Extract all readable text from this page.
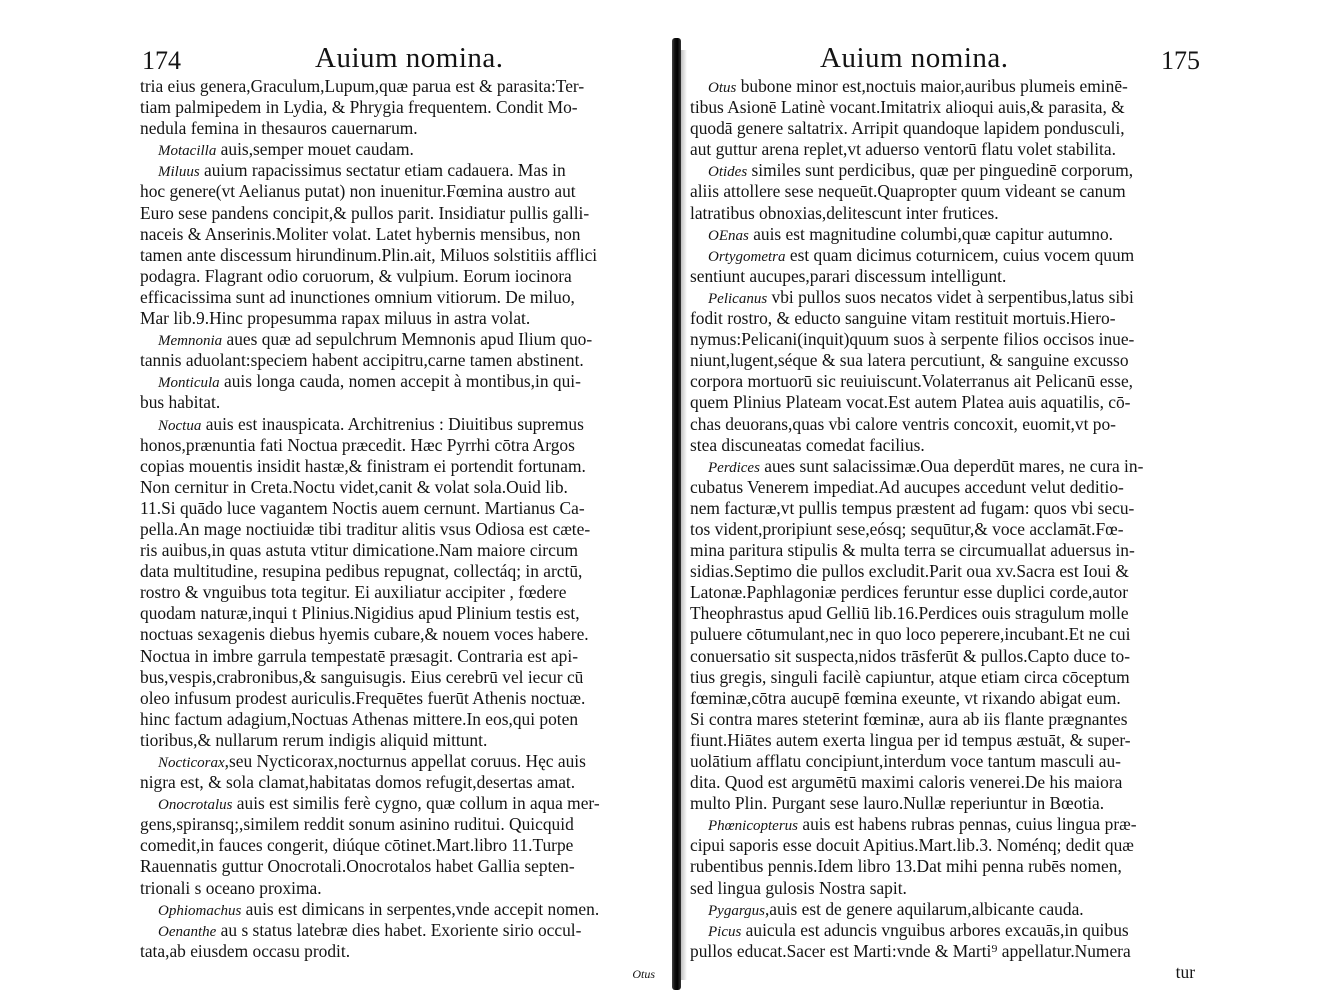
174	Auium nomina.
tria eius genera,Graculum,Lupum,quæ parua est & parasita:Ter-
tiam palmipedem in Lydia, & Phrygia frequentem. Condit Mo-
nedula femina in thesauros cauernarum.
Motacilla auis,semper mouet caudam.
Miluus auium rapacissimus sectatur etiam cadauera. Mas in
hoc genere(vt Aelianus putat) non inuenitur.Fœmina austro aut
Euro sese pandens concipit,& pullos parit. Insidiatur pullis galli-
naceis & Anserinis.Moliter volat. Latet hybernis mensibus, non
tamen ante discessum hirundinum.Plin.ait, Miluos solstitiis afflici
podagra. Flagrant odio coruorum, & vulpium. Eorum iocinora
efficacissima sunt ad inunctiones omnium vitiorum. De miluo,
Mar lib.9.Hinc propesumma rapax miluus in astra volat.
Memnonia aues quæ ad sepulchrum Memnonis apud Ilium quo-
tannis aduolant:speciem habent accipitru,carne tamen abstinent.
Monticula auis longa cauda, nomen accepit à montibus,in qui-
bus habitat.
Noctua auis est inauspicata. Architrenius : Diuitibus supremus
honos,prænuntia fati Noctua præcedit. Hæc Pyrrhi cōtra Argos
copias mouentis insidit hastæ,& finistram ei portendit fortunam.
Non cernitur in Creta.Noctu videt,canit & volat sola.Ouid lib.
11.Si quādo luce vagantem Noctis auem cernunt. Martianus Ca-
pella.An mage noctiuidæ tibi traditur alitis vsus Odiosa est cæte-
ris auibus,in quas astuta vtitur dimicatione.Nam maiore circum
data multitudine, resupina pedibus repugnat, collectáq; in arctū,
rostro & vnguibus tota tegitur. Ei auxiliatur accipiter , fœdere
quodam naturæ,inqui t Plinius.Nigidius apud Plinium testis est,
noctuas sexagenis diebus hyemis cubare,& nouem voces habere.
Noctua in imbre garrula tempestatē præsagit. Contraria est api-
bus,vespis,crabronibus,& sanguisugis. Eius cerebrū vel iecur cū
oleo infusum prodest auriculis.Frequētes fuerūt Athenis noctuæ.
hinc factum adagium,Noctuas Athenas mittere.In eos,qui poten
tioribus,& nullarum rerum indigis aliquid mittunt.
Nocticorax,seu Nycticorax,nocturnus appellat coruus. Hęc auis
nigra est, & sola clamat,habitatas domos refugit,desertas amat.
Onocrotalus auis est similis ferè cygno, quæ collum in aqua mer-
gens,spiransq;,similem reddit sonum asinino ruditui. Quicquid
comedit,in fauces congerit, diúque cōtinet.Mart.libro 11.Turpe
Rauennatis guttur Onocrotali.Onocrotalos habet Gallia septen-
trionali s oceano proxima.
Ophiomachus auis est dimicans in serpentes,vnde accepit nomen.
Oenanthe au s status latebræ dies habet. Exoriente sirio occul-
tata,ab eiusdem occasu prodit.
Otus
Auium nomina.	175
Otus bubone minor est,noctuis maior,auribus plumeis eminē-
tibus Asionē Latinè vocant.Imitatrix alioqui auis,& parasita, &
quodā genere saltatrix. Arripit quandoque lapidem pondusculi,
aut guttur arena replet,vt aduerso ventorū flatu volet stabilita.
Otides similes sunt perdicibus, quæ per pinguedinē corporum,
aliis attollere sese nequeūt.Quapropter quum videant se canum
latratibus obnoxias,delitescunt inter frutices.
OEnas auis est magnitudine columbi,quæ capitur autumno.
Ortygometra est quam dicimus coturnicem, cuius vocem quum
sentiunt aucupes,parari discessum intelligunt.
Pelicanus vbi pullos suos necatos videt à serpentibus,latus sibi
fodit rostro, & educto sanguine vitam restituit mortuis.Hiero-
nymus:Pelicani(inquit)quum suos à serpente filios occisos inue-
niunt,lugent,séque & sua latera percutiunt, & sanguine excusso
corpora mortuorū sic reuiuiscunt.Volaterranus ait Pelicanū esse,
quem Plinius Plateam vocat.Est autem Platea auis aquatilis, cō-
chas deuorans,quas vbi calore ventris concoxit, euomit,vt po-
stea discuneatas comedat facilius.
Perdices aues sunt salacissimæ.Oua deperdūt mares, ne cura in-
cubatus Venerem impediat.Ad aucupes accedunt velut deditio-
nem facturæ,vt pullis tempus præstent ad fugam: quos vbi secu-
tos vident,proripiunt sese,eósq; sequūtur,& voce acclamāt.Fœ-
mina paritura stipulis & multa terra se circumuallat aduersus in-
sidias.Septimo die pullos excludit.Parit oua xv.Sacra est Ioui &
Latonæ.Paphlagoniæ perdices feruntur esse duplici corde,autor
Theophrastus apud Gelliū lib.16.Perdices ouis stragulum molle
puluere cōtumulant,nec in quo loco peperere,incubant.Et ne cui
conuersatio sit suspecta,nidos trāsferūt & pullos.Capto duce to-
tius gregis, singuli facilè capiuntur, atque etiam circa cōceptum
fœminæ,cōtra aucupē fœmina exeunte, vt rixando abigat eum.
Si contra mares steterint fœminæ, aura ab iis flante prægnantes
fiunt.Hiātes autem exerta lingua per id tempus æstuāt, & super-
uolātium afflatu concipiunt,interdum voce tantum masculi au-
dita. Quod est argumētū maximi caloris venerei.De his maiora
multo Plin. Purgant sese lauro.Nullæ reperiuntur in Bœotia.
Phœnicopterus auis est habens rubras pennas, cuius lingua præ-
cipui saporis esse docuit Apitius.Mart.lib.3. Noménq; dedit quæ
rubentibus pennis.Idem libro 13.Dat mihi penna rubēs nomen,
sed lingua gulosis Nostra sapit.
Pygargus,auis est de genere aquilarum,albicante cauda.
Picus auicula est aduncis vnguibus arbores excauās,in quibus
pullos educat.Sacer est Marti:vnde & Marti⁹ appellatur.Numera
tur
